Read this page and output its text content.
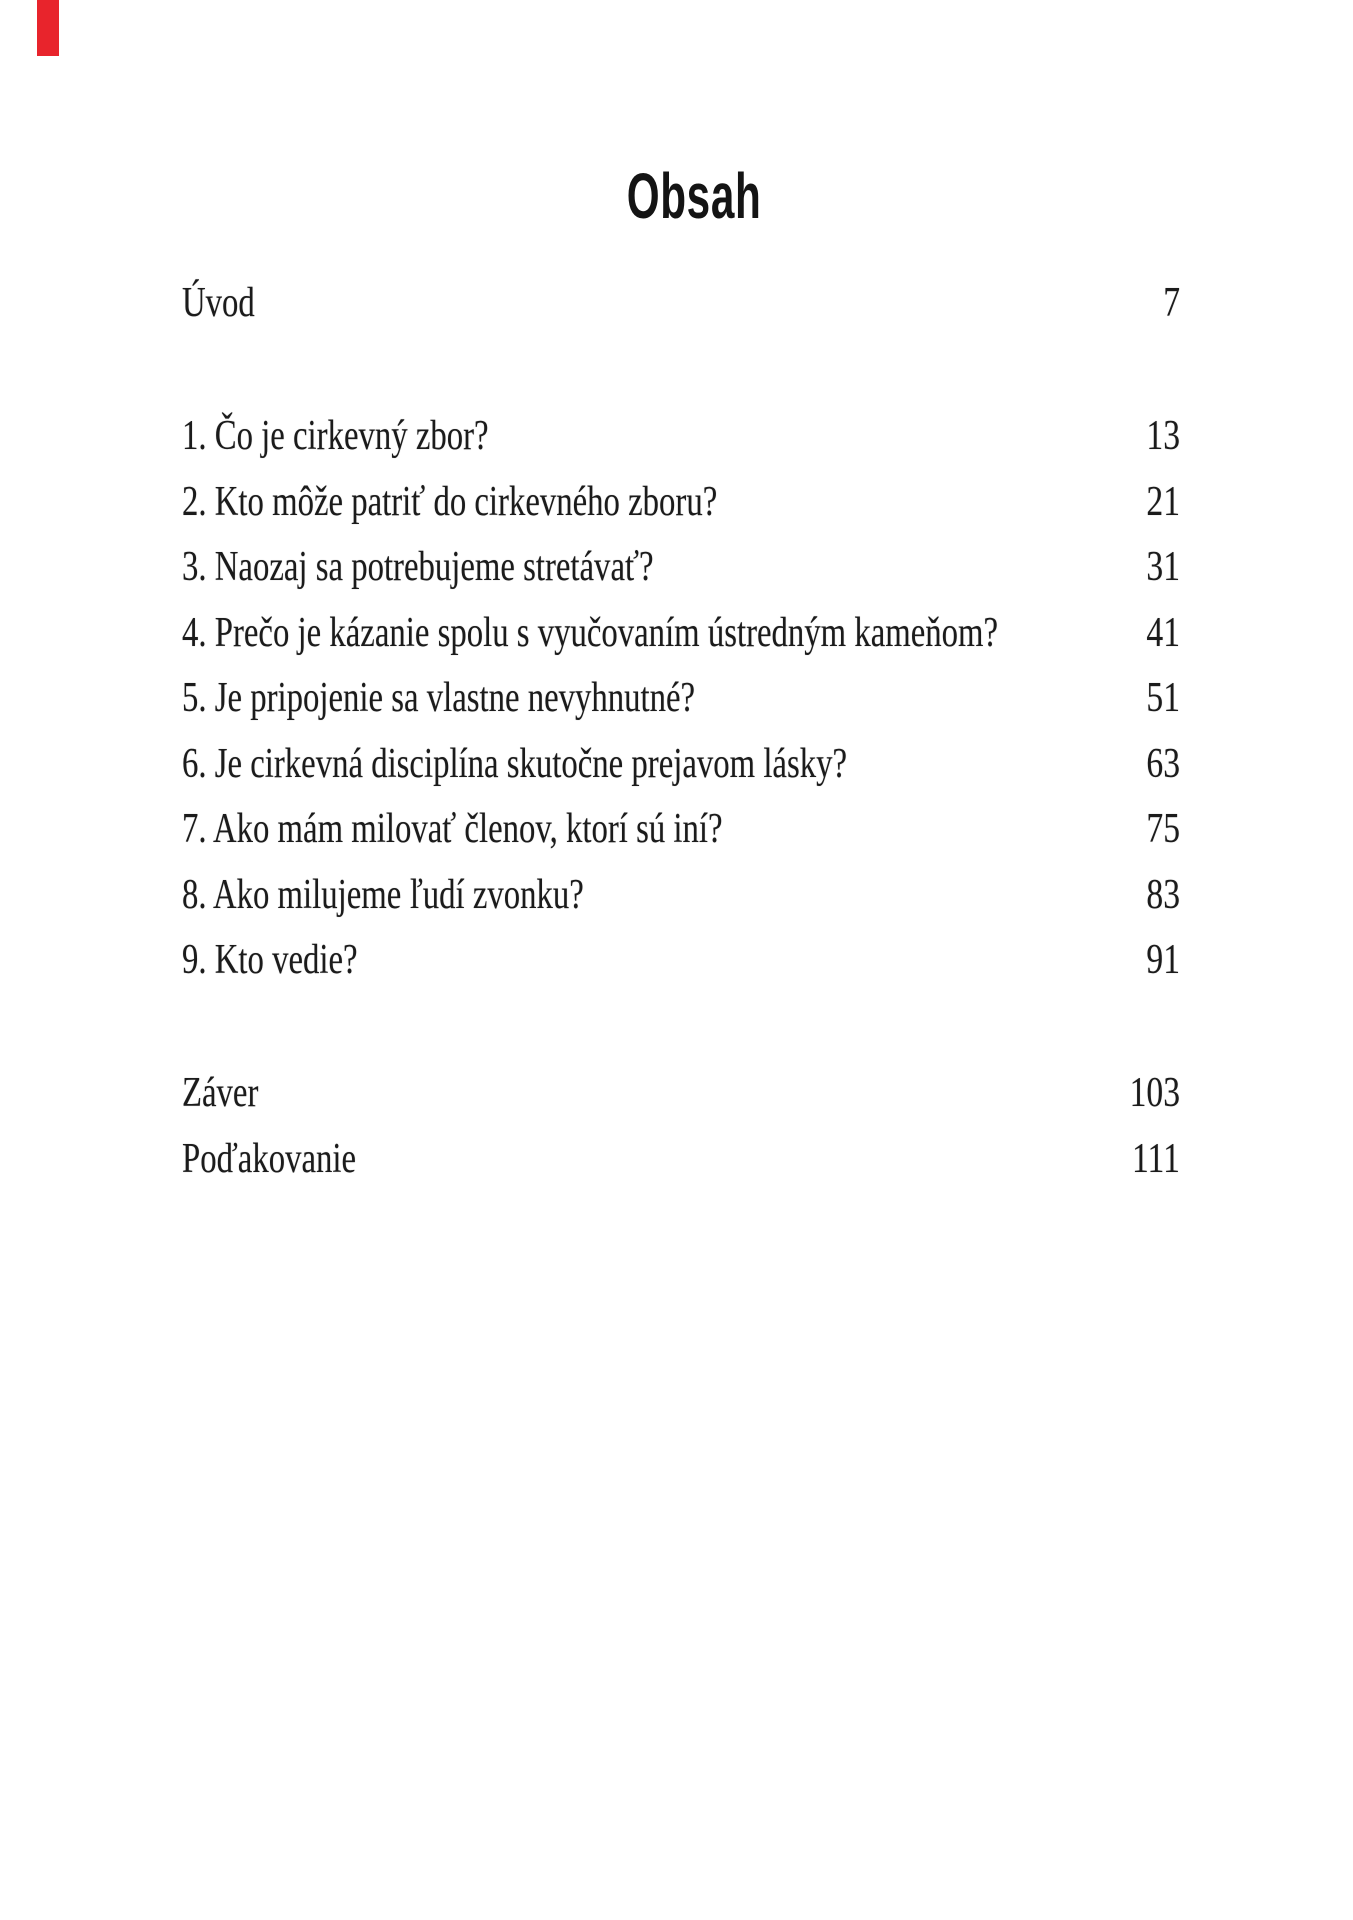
Obsah
Úvod	7
1. Čo je cirkevný zbor?	13
2. Kto môže patriť do cirkevného zboru?	21
3. Naozaj sa potrebujeme stretávať?	31
4. Prečo je kázanie spolu s vyučovaním ústredným kameňom?	41
5. Je pripojenie sa vlastne nevyhnutné?	51
6. Je cirkevná disciplína skutočne prejavom lásky?	63
7. Ako mám milovať členov, ktorí sú iní?	75
8. Ako milujeme ľudí zvonku?	83
9. Kto vedie?	91
Záver	103
Poďakovanie	111
